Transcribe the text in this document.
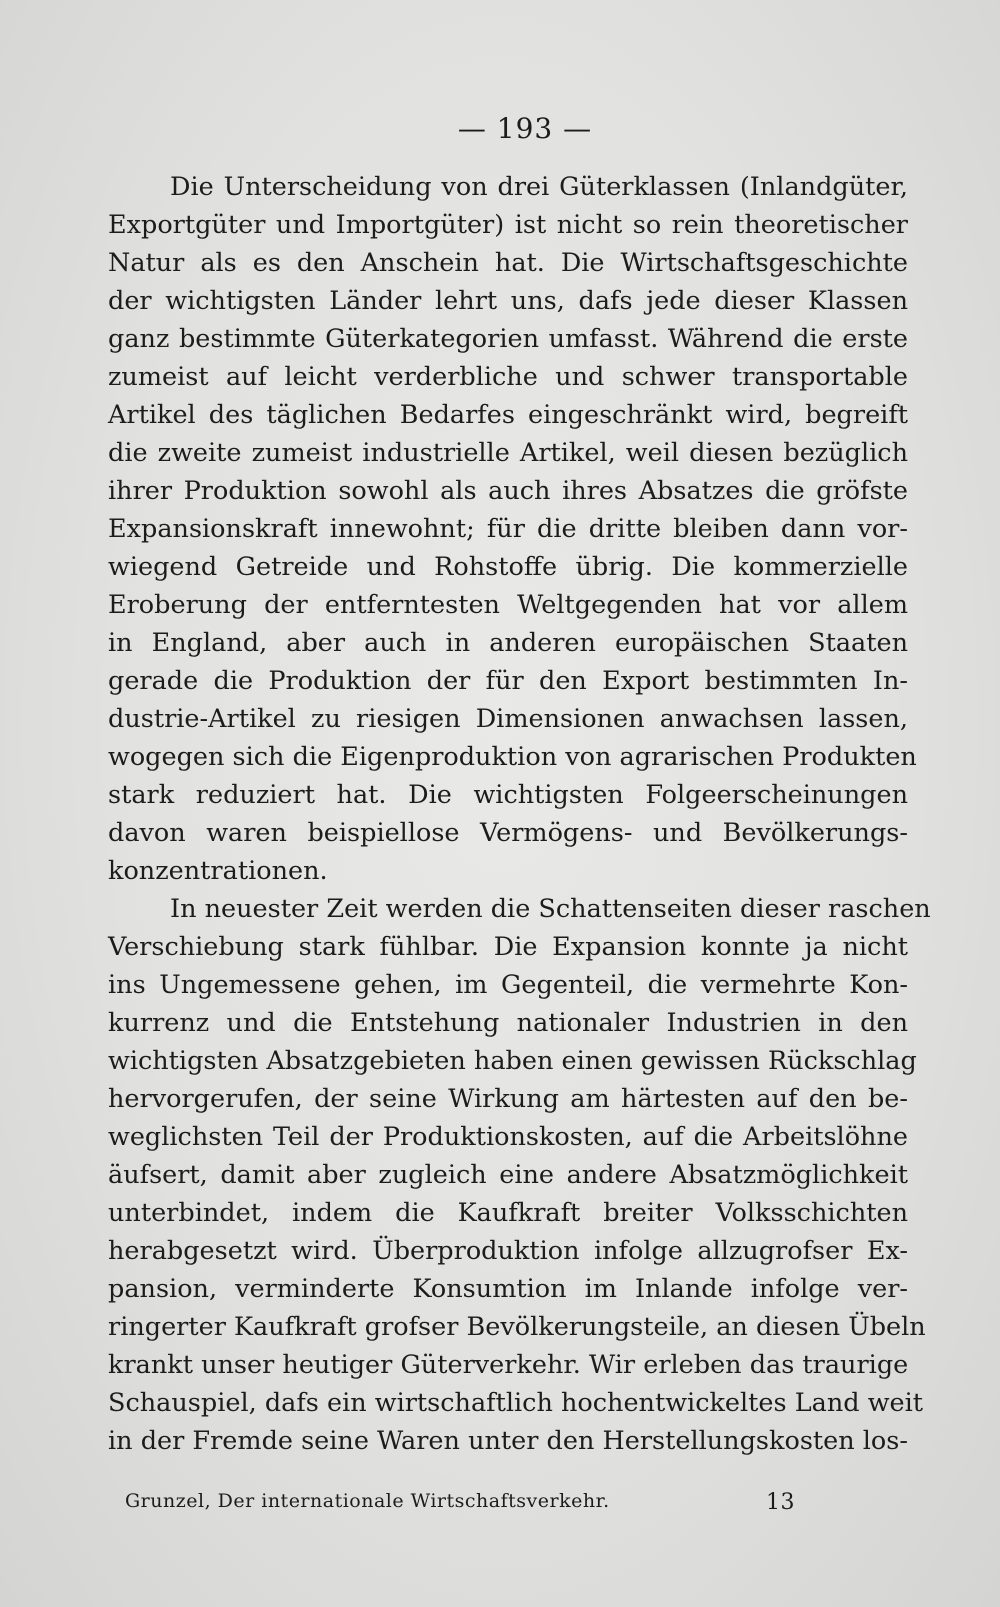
— 193 —
Die Unterscheidung von drei Güterklassen (Inlandgüter,
Exportgüter und Importgüter) ist nicht so rein theoretischer
Natur als es den Anschein hat. Die Wirtschaftsgeschichte
der wichtigsten Länder lehrt uns, dafs jede dieser Klassen
ganz bestimmte Güterkategorien umfasst. Während die erste
zumeist auf leicht verderbliche und schwer transportable
Artikel des täglichen Bedarfes eingeschränkt wird, begreift
die zweite zumeist industrielle Artikel, weil diesen bezüglich
ihrer Produktion sowohl als auch ihres Absatzes die gröfste
Expansionskraft innewohnt; für die dritte bleiben dann vor-
wiegend Getreide und Rohstoffe übrig. Die kommerzielle
Eroberung der entferntesten Weltgegenden hat vor allem
in England, aber auch in anderen europäischen Staaten
gerade die Produktion der für den Export bestimmten In-
dustrie-Artikel zu riesigen Dimensionen anwachsen lassen,
wogegen sich die Eigenproduktion von agrarischen Produkten
stark reduziert hat. Die wichtigsten Folgeerscheinungen
davon waren beispiellose Vermögens- und Bevölkerungs-
konzentrationen.
In neuester Zeit werden die Schattenseiten dieser raschen
Verschiebung stark fühlbar. Die Expansion konnte ja nicht
ins Ungemessene gehen, im Gegenteil, die vermehrte Kon-
kurrenz und die Entstehung nationaler Industrien in den
wichtigsten Absatzgebieten haben einen gewissen Rückschlag
hervorgerufen, der seine Wirkung am härtesten auf den be-
weglichsten Teil der Produktionskosten, auf die Arbeitslöhne
äufsert, damit aber zugleich eine andere Absatzmöglichkeit
unterbindet, indem die Kaufkraft breiter Volksschichten
herabgesetzt wird. Überproduktion infolge allzugrofser Ex-
pansion, verminderte Konsumtion im Inlande infolge ver-
ringerter Kaufkraft grofser Bevölkerungsteile, an diesen Übeln
krankt unser heutiger Güterverkehr. Wir erleben das traurige
Schauspiel, dafs ein wirtschaftlich hochentwickeltes Land weit
in der Fremde seine Waren unter den Herstellungskosten los-
Grunzel, Der internationale Wirtschaftsverkehr.	13
